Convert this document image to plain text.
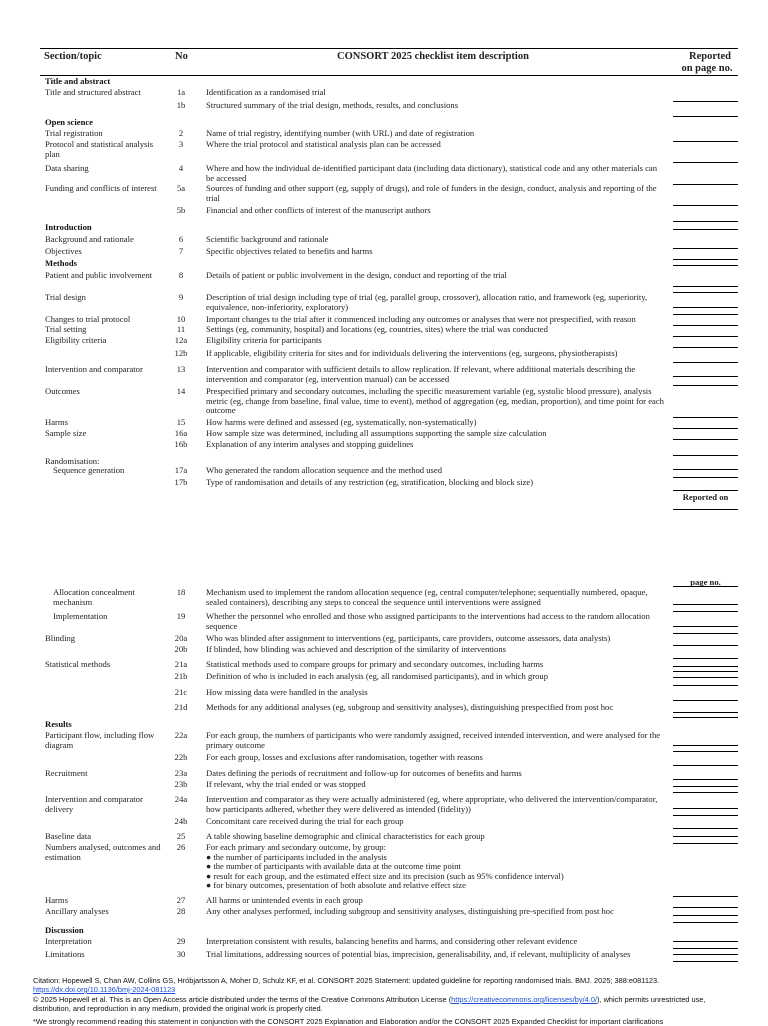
Section/topic	No	CONSORT 2025 checklist item description	Reported
on page no.
Title and abstract
Title and structured abstract	1a	Identification as a randomised trial
1b	Structured summary of the trial design, methods, results, and conclusions
Open science
Trial registration	2	Name of trial registry, identifying number (with URL) and date of registration
Protocol and statistical analysis plan
3	Where the trial protocol and statistical analysis plan can be accessed
Data sharing	4	Where and how the individual de-identified participant data (including data dictionary), statistical code and any other materials can be accessed
Funding and conflicts of interest	5a	Sources of funding and other support (eg, supply of drugs), and role of funders in the design, conduct, analysis and reporting of the trial
5b	Financial and other conflicts of interest of the manuscript authors
Introduction
Background and rationale	6	Scientific background and rationale
Objectives	7	Specific objectives related to benefits and harms
Methods
Patient and public involvement	8	Details of patient or public involvement in the design, conduct and reporting of the trial
Trial design	9	Description of trial design including type of trial (eg, parallel group, crossover), allocation ratio, and framework (eg, superiority, equivalence, non-inferiority, exploratory)
Changes to trial protocol	10	Important changes to the trial after it commenced including any outcomes or analyses that were not prespecified, with reason
Trial setting	11	Settings (eg, community, hospital) and locations (eg, countries, sites) where the trial was conducted
Eligibility criteria	12a	Eligibility criteria for participants
12b	If applicable, eligibility criteria for sites and for individuals delivering the interventions (eg, surgeons, physiotherapists)
Intervention and comparator	13	Intervention and comparator with sufficient details to allow replication. If relevant, where additional materials describing the intervention and comparator (eg, intervention manual) can be accessed
Outcomes	14	Prespecified primary and secondary outcomes, including the specific measurement variable (eg, systolic blood pressure), analysis metric (eg, change from baseline, final value, time to event), method of aggregation (eg, median, proportion), and time point for each outcome
Harms	15	How harms were defined and assessed (eg, systematically, non-systematically)
Sample size	16a	How sample size was determined, including all assumptions supporting the sample size calculation
16b	Explanation of any interim analyses and stopping guidelines
Randomisation:
Sequence generation	17a	Who generated the random allocation sequence and the method used
17b	Type of randomisation and details of any restriction (eg, stratification, blocking and block size)
Allocation concealment mechanism
18	Mechanism used to implement the random allocation sequence (eg, central computer/telephone; sequentially numbered, opaque, sealed containers), describing any steps to conceal the sequence until interventions were assigned
Implementation	19	Whether the personnel who enrolled and those who assigned participants to the interventions had access to the random allocation sequence
Blinding	20a	Who was blinded after assignment to interventions (eg, participants, care providers, outcome assessors, data analysts)
20b	If blinded, how blinding was achieved and description of the similarity of interventions
Statistical methods	21a	Statistical methods used to compare groups for primary and secondary outcomes, including harms
21b	Definition of who is included in each analysis (eg, all randomised participants), and in which group
21c	How missing data were handled in the analysis
21d	Methods for any additional analyses (eg, subgroup and sensitivity analyses), distinguishing prespecified from post hoc
Results
Participant flow, including flow diagram
22a	For each group, the numbers of participants who were randomly assigned, received intended intervention, and were analysed for the primary outcome
22b	For each group, losses and exclusions after randomisation, together with reasons
Recruitment	23a	Dates defining the periods of recruitment and follow-up for outcomes of benefits and harms
23b	If relevant, why the trial ended or was stopped
Intervention and comparator delivery
24a	Intervention and comparator as they were actually administered (eg, where appropriate, who delivered the intervention/comparator, how participants adhered, whether they were delivered as intended (fidelity))
24b	Concomitant care received during the trial for each group
Baseline data	25	A table showing baseline demographic and clinical characteristics for each group
Numbers analysed, outcomes and estimation
26	For each primary and secondary outcome, by group:
● the number of participants included in the analysis
● the number of participants with available data at the outcome time point
● result for each group, and the estimated effect size and its precision (such as 95% confidence interval)
● for binary outcomes, presentation of both absolute and relative effect size
Harms	27	All harms or unintended events in each group
Ancillary analyses	28	Any other analyses performed, including subgroup and sensitivity analyses, distinguishing pre-specified from post hoc
Discussion
Interpretation	29	Interpretation consistent with results, balancing benefits and harms, and considering other relevant evidence
Limitations	30	Trial limitations, addressing sources of potential bias, imprecision, generalisability, and, if relevant, multiplicity of analyses
Reported on
page no.
Citation: Hopewell S, Chan AW, Collins GS, Hróbjartsson A, Moher D, Schulz KF, et al. CONSORT 2025 Statement: updated guideline for reporting randomised trials. BMJ. 2025; 388:e081123.
https://dx.doi.org/10.1136/bmj-2024-081123
© 2025 Hopewell et al. This is an Open Access article distributed under the terms of the Creative Commons Attribution License (https://creativecommons.org/licenses/by/4.0/), which permits unrestricted use, distribution, and reproduction in any medium, provided the original work is properly cited.
*We strongly recommend reading this statement in conjunction with the CONSORT 2025 Explanation and Elaboration and/or the CONSORT 2025 Expanded Checklist for important clarifications
